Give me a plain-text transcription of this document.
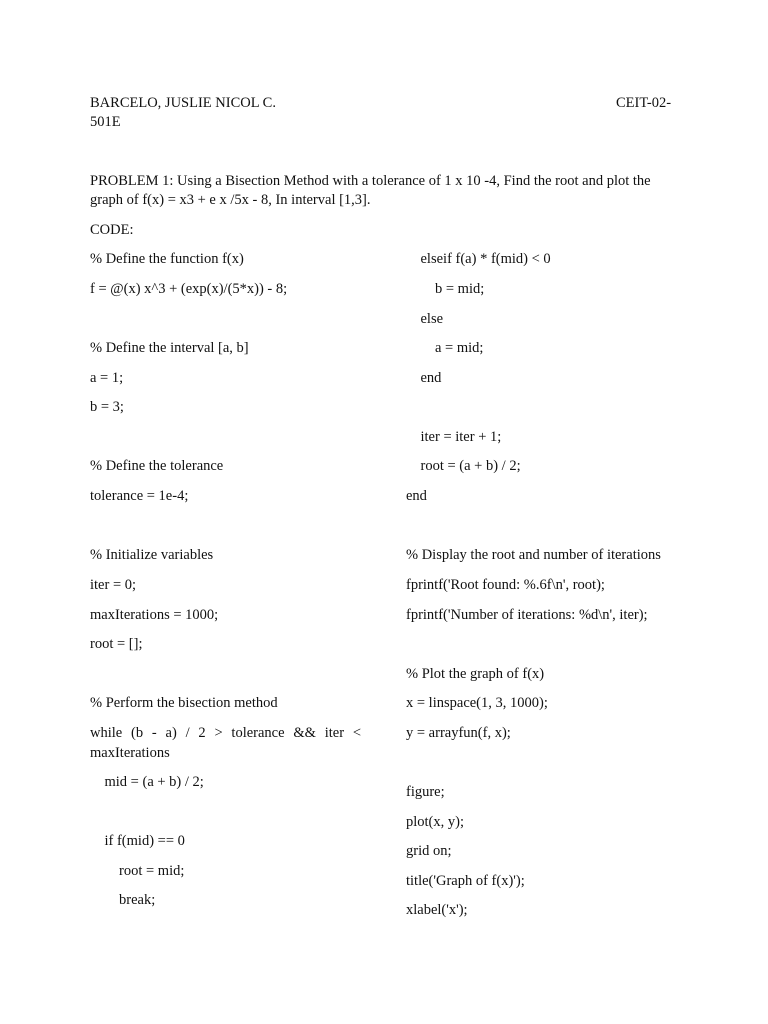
BARCELO, JUSLIE NICOL C.	CEIT-02-
501E
PROBLEM 1: Using a Bisection Method with a tolerance of 1 x 10 -4, Find the root and plot the
graph of f(x) = x3 + e x /5x - 8, In interval [1,3].
CODE:
% Define the function f(x)
f = @(x) x^3 + (exp(x)/(5*x)) - 8;
% Define the interval [a, b]
a = 1;
b = 3;
% Define the tolerance
tolerance = 1e-4;
% Initialize variables
iter = 0;
maxIterations = 1000;
root = [];
% Perform the bisection method
while (b - a) / 2 > tolerance && iter <
maxIterations
mid = (a + b) / 2;
if f(mid) == 0
root = mid;
break;
elseif f(a) * f(mid) < 0
b = mid;
else
a = mid;
end
iter = iter + 1;
root = (a + b) / 2;
end
% Display the root and number of iterations
fprintf('Root found: %.6f\n', root);
fprintf('Number of iterations: %d\n', iter);
% Plot the graph of f(x)
x = linspace(1, 3, 1000);
y = arrayfun(f, x);
figure;
plot(x, y);
grid on;
title('Graph of f(x)');
xlabel('x');
